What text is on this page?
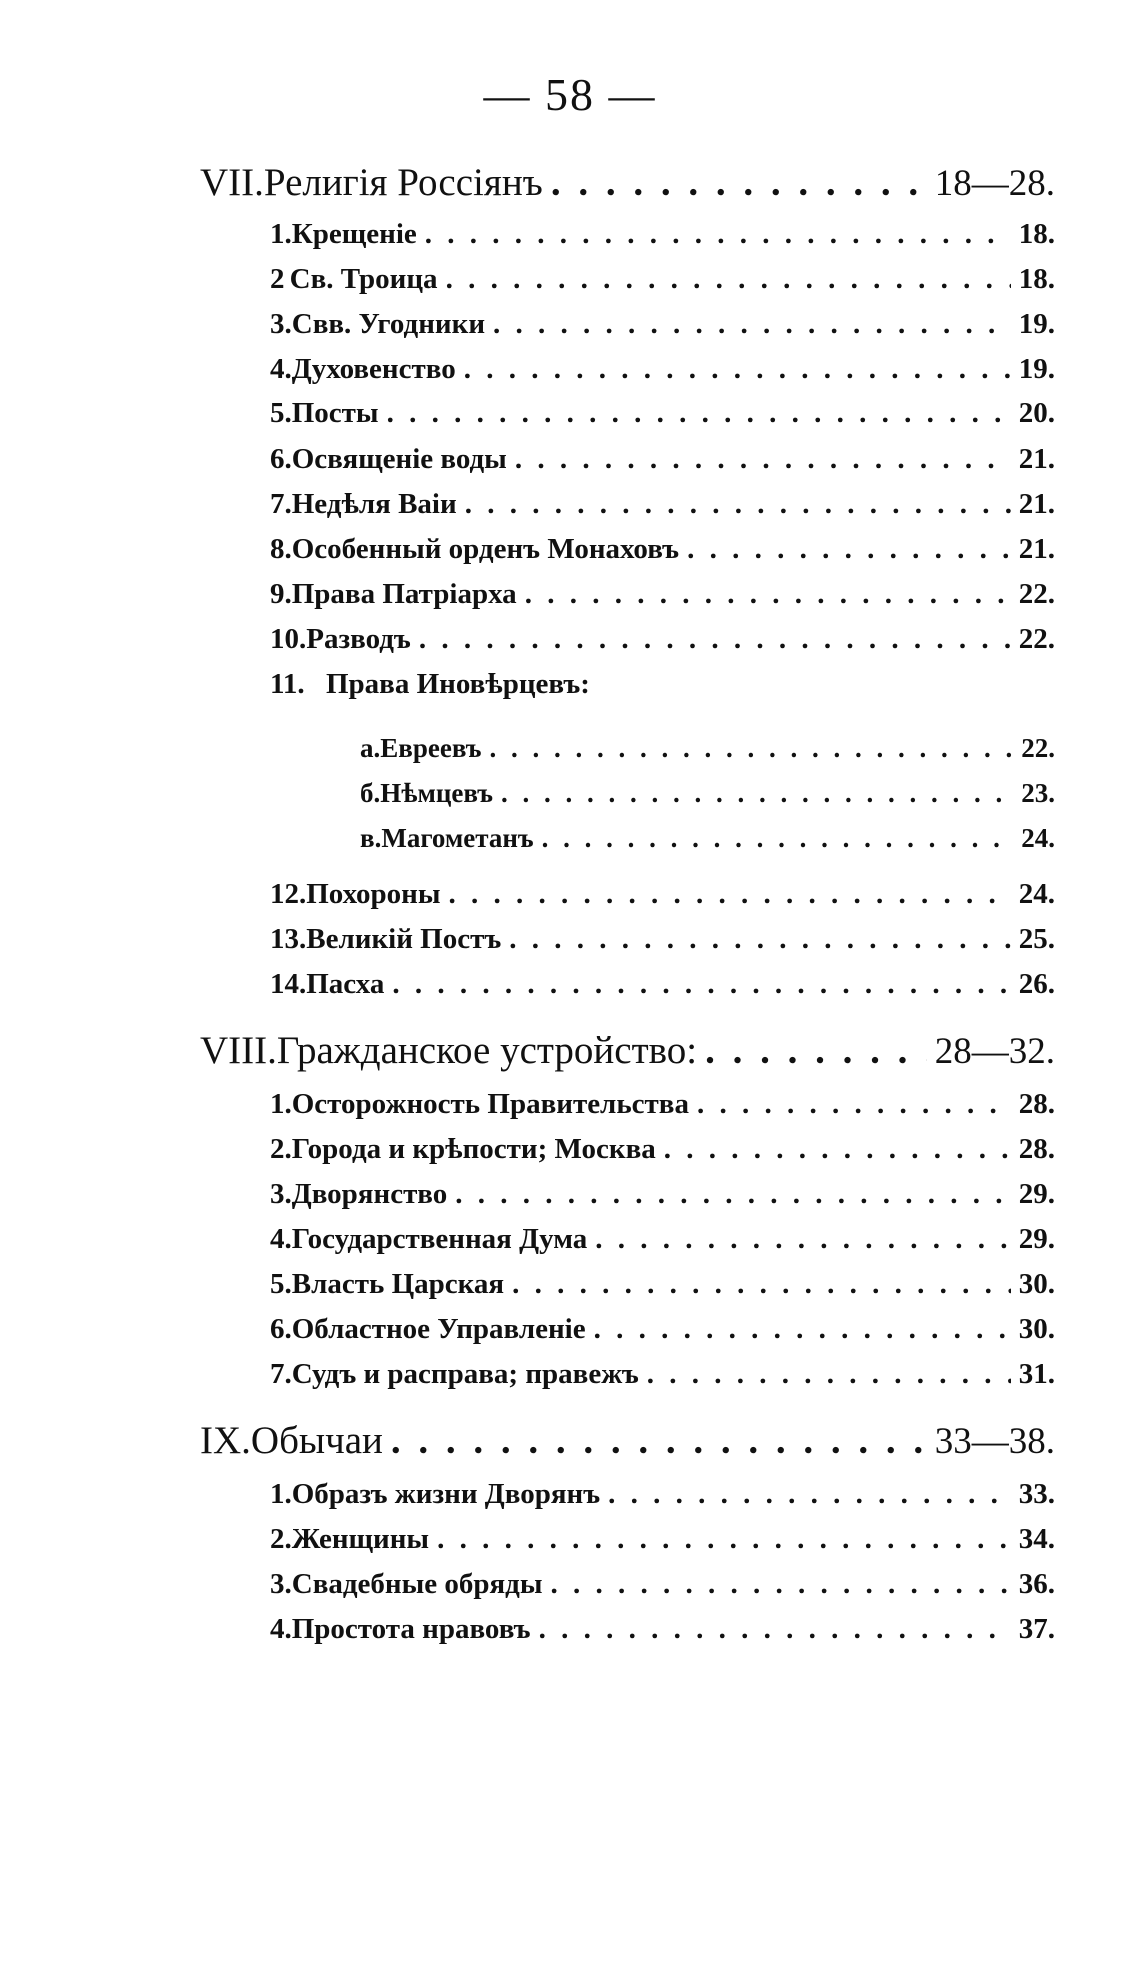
— 58 —
VII. Религія Россіянъ . . .	18—28.
1. Крещеніе . . .	18.
2 Св. Троица . . .	18.
3. Свв. Угодники . . .	19.
4. Духовенство . . .	19.
5. Посты . . .	20.
6. Освященіе воды . . .	21.
7. Недѣля Ваіи . . .	21.
8. Особенный орденъ Монаховъ . . .	21.
9. Права Патріарха . . .	22.
10. Разводъ . . .	22.
11. Права Иновѣрцевъ:
а. Евреевъ . . .	22.
б. Нѣмцевъ . . .	23.
в. Магометанъ . . .	24.
12. Похороны . . .	24.
13. Великій Постъ . . .	25.
14. Пасха . . .	26.
VIII. Гражданское устройство: . . .	28—32.
1. Осторожность Правительства . . .	28.
2. Города и крѣпости; Москва . . .	28.
3. Дворянство . . .	29.
4. Государственная Дума . . .	29.
5. Власть Царская . . .	30.
6. Областное Управленіе . . .	30.
7. Судъ и расправа; правежъ . . .	31.
IX. Обычаи . . .	33—38.
1. Образъ жизни Дворянъ . . .	33.
2. Женщины . . .	34.
3. Свадебные обряды . . .	36.
4. Простота нравовъ . . .	37.
